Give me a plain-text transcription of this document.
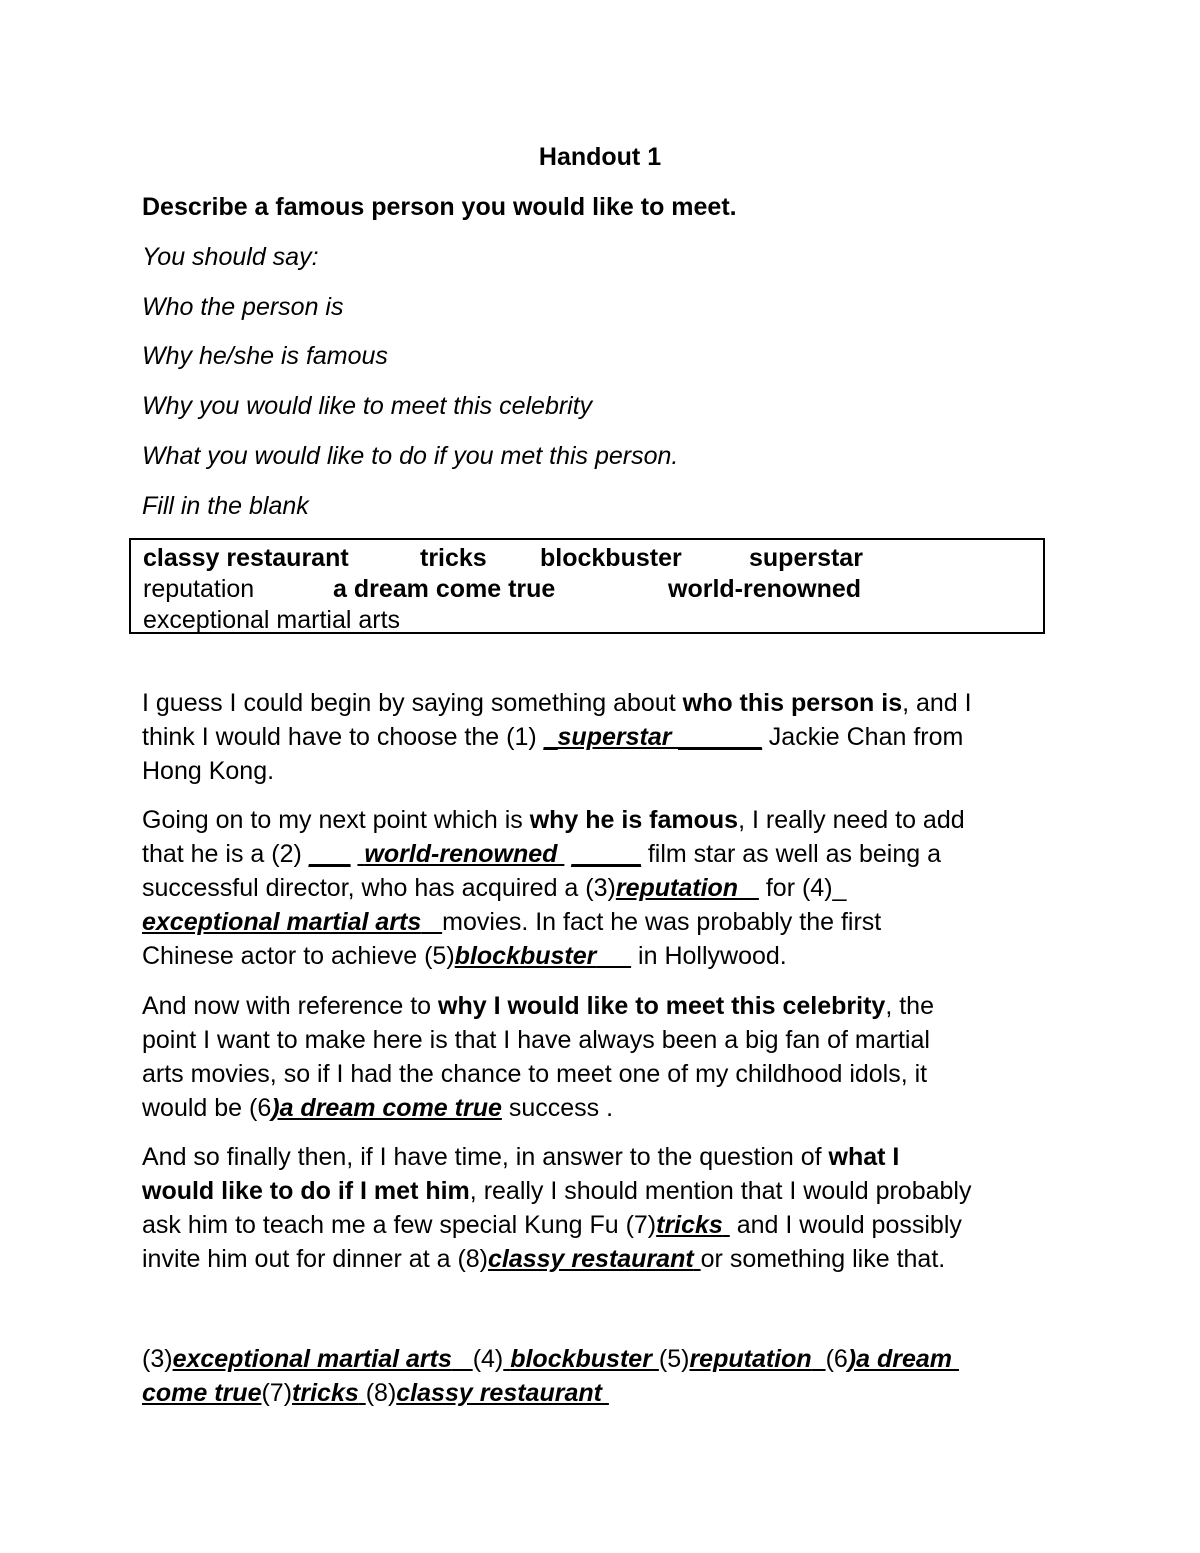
Handout 1
Describe a famous person you would like to meet.
You should say:
Who the person is
Why he/she is famous
Why you would like to meet this celebrity
What you would like to do if you met this person.
Fill in the blank
classy restaurant	tricks blockbuster	superstar
reputation	a dream come true	world-renowned
exceptional martial arts
I guess I could begin by saying something about who this person is, and I
think I would have to choose the (1) _superstar ______ Jackie Chan from
Hong Kong.
Going on to my next point which is why he is famous, I really need to add
that he is a (2) ___ world-renowned _____ film star as well as being a
successful director, who has acquired a (3)reputation    for (4)_
exceptional martial arts movies. In fact he was probably the first
Chinese actor to achieve (5)blockbuster      in Hollywood.
And now with reference to why I would like to meet this celebrity, the
point I want to make here is that I have always been a big fan of martial
arts movies, so if I had the chance to meet one of my childhood idols, it
would be (6)a dream come true success .
And so finally then, if I have time, in answer to the question of what I
would like to do if I met him, really I should mention that I would probably
ask him to teach me a few special Kung Fu (7)tricks  and I would possibly
invite him out for dinner at a (8)classy restaurant or something like that.
(3)exceptional martial arts (4) blockbuster (5)reputation (6)a dream
come true(7)tricks (8)classy restaurant
